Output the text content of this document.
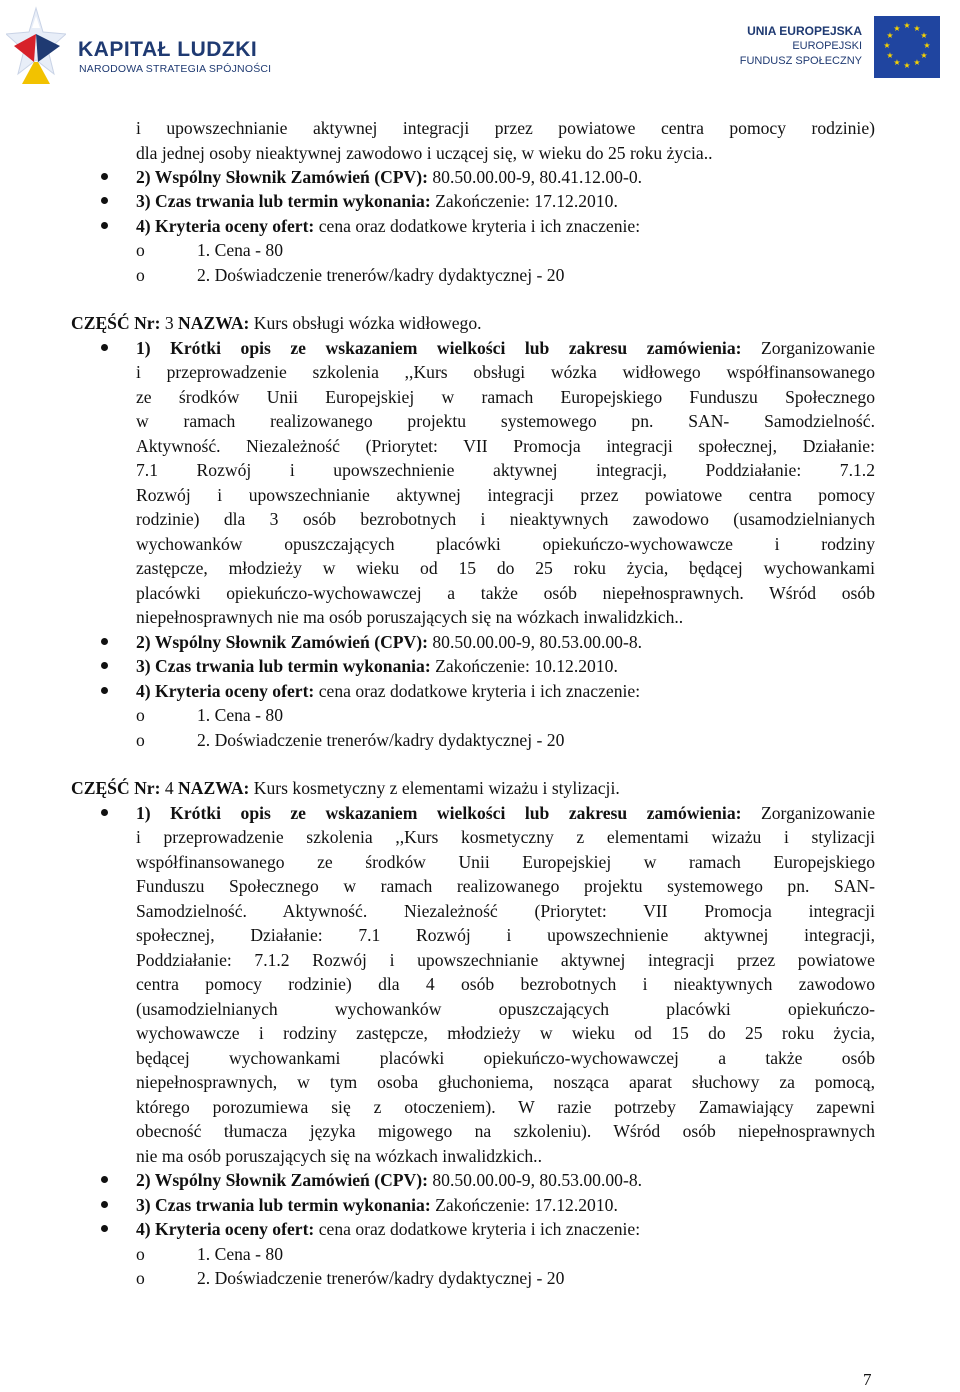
KAPITAŁ LUDZKI
NARODOWA STRATEGIA SPÓJNOŚCI
UNIA EUROPEJSKA
EUROPEJSKI
FUNDUSZ SPOŁECZNY
★ ★
★
★
★
★
★
★
★
★
★
★
i upowszechnianie aktywnej integracji przez powiatowe centra pomocy rodzinie)
dla jednej osoby nieaktywnej zawodowo i uczącej się, w wieku do 25 roku życia..
2) Wspólny Słownik Zamówień (CPV): 80.50.00.00-9, 80.41.12.00-0.
3) Czas trwania lub termin wykonania: Zakończenie: 17.12.2010.
4) Kryteria oceny ofert: cena oraz dodatkowe kryteria i ich znaczenie:
o	1. Cena - 80
o	2. Doświadczenie trenerów/kadry dydaktycznej - 20
CZĘŚĆ Nr: 3 NAZWA: Kurs obsługi wózka widłowego.
1) Krótki opis ze wskazaniem wielkości lub zakresu zamówienia: Zorganizowanie
i przeprowadzenie szkolenia ,,Kurs obsługi wózka widłowego współfinansowanego
ze środków Unii Europejskiej w ramach Europejskiego Funduszu Społecznego
w ramach realizowanego projektu systemowego pn. SAN- Samodzielność.
Aktywność. Niezależność (Priorytet: VII Promocja integracji społecznej, Działanie:
7.1 Rozwój i upowszechnienie aktywnej integracji, Poddziałanie: 7.1.2
Rozwój i upowszechnianie aktywnej integracji przez powiatowe centra pomocy
rodzinie) dla 3 osób bezrobotnych i nieaktywnych zawodowo (usamodzielnianych
wychowanków opuszczających placówki opiekuńczo-wychowawcze i rodziny
zastępcze, młodzieży w wieku od 15 do 25 roku życia, będącej wychowankami
placówki opiekuńczo-wychowawczej a także osób niepełnosprawnych. Wśród osób
niepełnosprawnych nie ma osób poruszających się na wózkach inwalidzkich..
2) Wspólny Słownik Zamówień (CPV): 80.50.00.00-9, 80.53.00.00-8.
3) Czas trwania lub termin wykonania: Zakończenie: 10.12.2010.
4) Kryteria oceny ofert: cena oraz dodatkowe kryteria i ich znaczenie:
o	1. Cena - 80
o	2. Doświadczenie trenerów/kadry dydaktycznej - 20
CZĘŚĆ Nr: 4 NAZWA: Kurs kosmetyczny z elementami wizażu i stylizacji.
1) Krótki opis ze wskazaniem wielkości lub zakresu zamówienia: Zorganizowanie
i przeprowadzenie szkolenia ,,Kurs kosmetyczny z elementami wizażu i stylizacji
współfinansowanego ze środków Unii Europejskiej w ramach Europejskiego
Funduszu Społecznego w ramach realizowanego projektu systemowego pn. SAN-
Samodzielność. Aktywność. Niezależność (Priorytet: VII Promocja integracji
społecznej, Działanie: 7.1 Rozwój i upowszechnienie aktywnej integracji,
Poddziałanie: 7.1.2 Rozwój i upowszechnianie aktywnej integracji przez powiatowe
centra pomocy rodzinie) dla 4 osób bezrobotnych i nieaktywnych zawodowo
(usamodzielnianych wychowanków opuszczających placówki opiekuńczo-
wychowawcze i rodziny zastępcze, młodzieży w wieku od 15 do 25 roku życia,
będącej wychowankami placówki opiekuńczo-wychowawczej a także osób
niepełnosprawnych, w tym osoba głuchoniema, nosząca aparat słuchowy za pomocą,
którego porozumiewa się z otoczeniem). W razie potrzeby Zamawiający zapewni
obecność tłumacza języka migowego na szkoleniu). Wśród osób niepełnosprawnych
nie ma osób poruszających się na wózkach inwalidzkich..
2) Wspólny Słownik Zamówień (CPV): 80.50.00.00-9, 80.53.00.00-8.
3) Czas trwania lub termin wykonania: Zakończenie: 17.12.2010.
4) Kryteria oceny ofert: cena oraz dodatkowe kryteria i ich znaczenie:
o	1. Cena - 80
o	2. Doświadczenie trenerów/kadry dydaktycznej - 20
7
